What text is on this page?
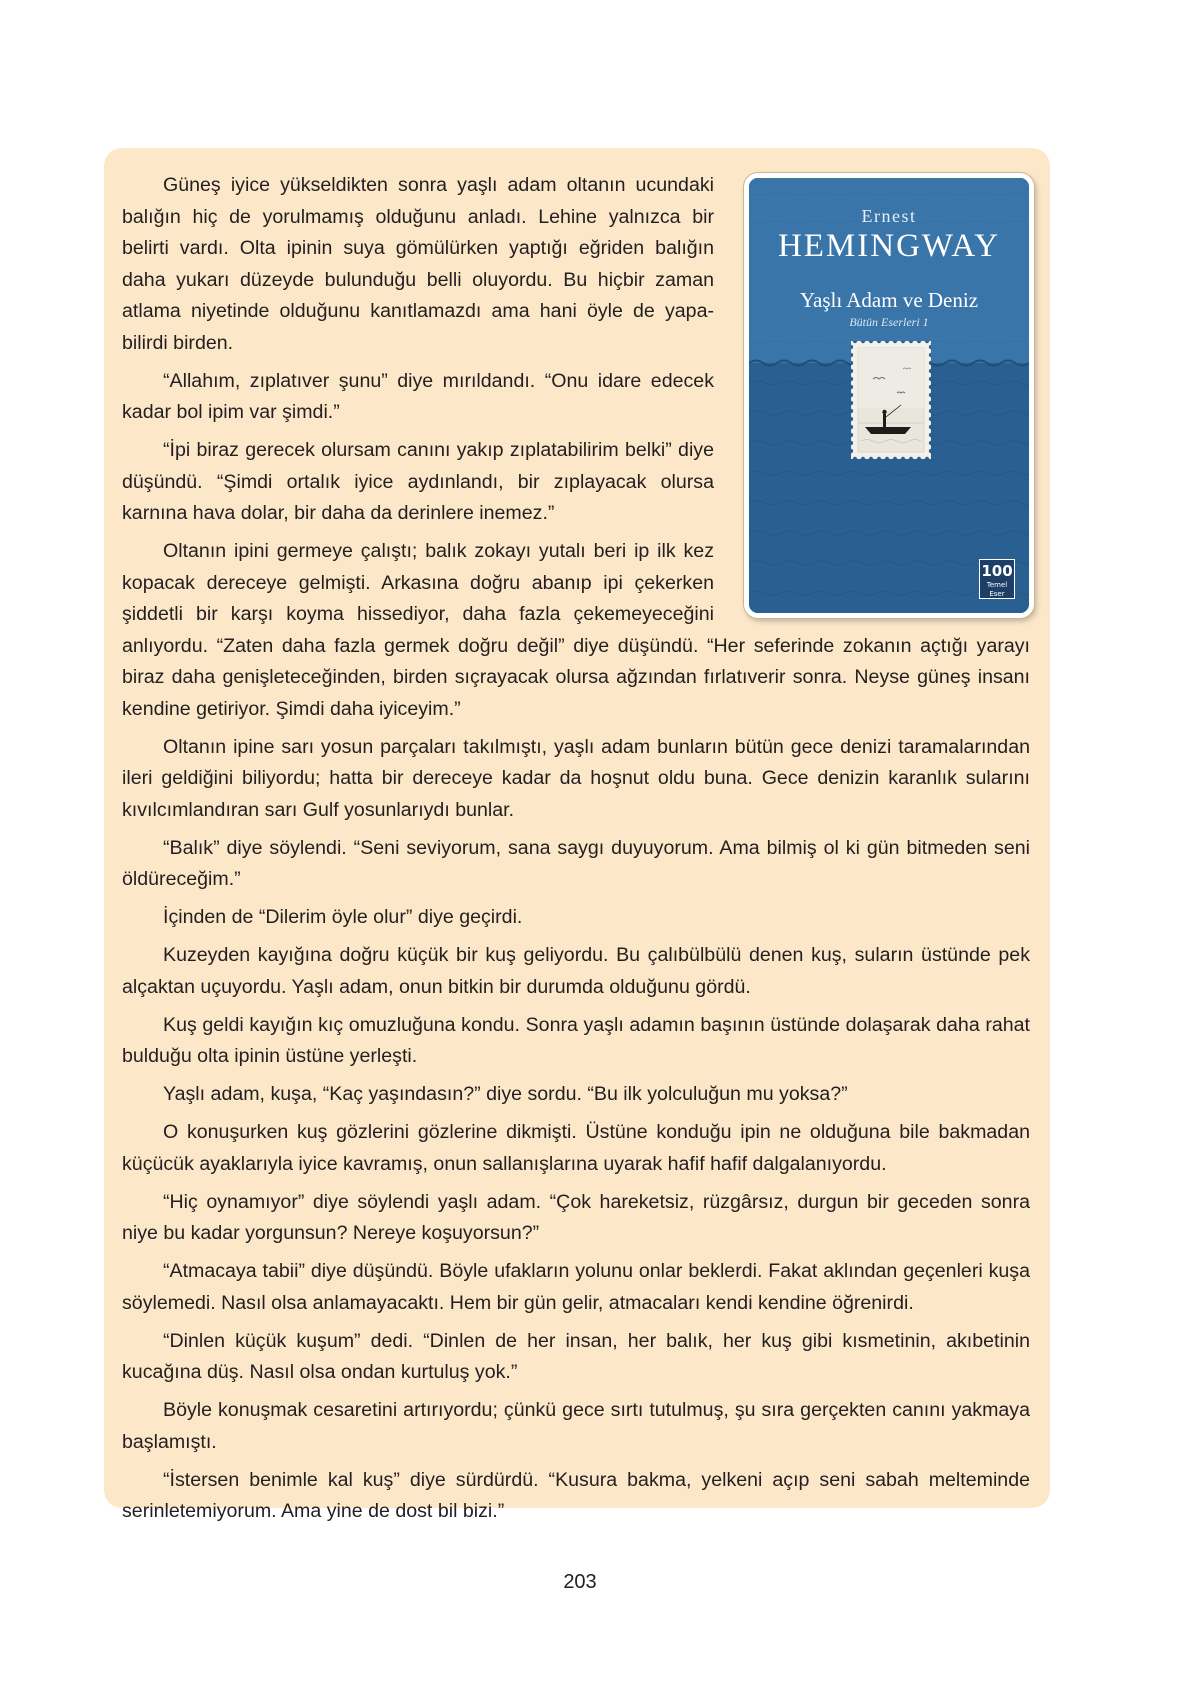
Ernest
HEMINGWAY
Yaşlı Adam ve Deniz
Bütün Eserleri 1
100
Temel Eser

Güneş iyice yükseldikten sonra yaşlı adam oltanın ucundaki balığın hiç de yorulmamış olduğunu anladı. Lehine yalnızca bir belirti vardı. Olta ipinin suya gömülürken yaptığı eğriden balığın daha yukarı düzeyde bulunduğu belli oluyordu. Bu hiçbir zaman atlama niyetinde olduğunu kanıtlamazdı ama hani öyle de yapabilirdi birden.

“Allahım, zıplatıver şunu” diye mırıldandı. “Onu idare edecek kadar bol ipim var şimdi.”

“İpi biraz gerecek olursam canını yakıp zıplatabilirim belki” diye düşündü. “Şimdi ortalık iyice aydınlandı, bir zıplayacak olursa karnına hava dolar, bir daha da derinlere inemez.”

Oltanın ipini germeye çalıştı; balık zokayı yutalı beri ip ilk kez kopacak dereceye gelmişti. Arkasına doğru abanıp ipi çekerken şiddetli bir karşı koyma hissediyor, daha fazla çekemeyeceğini anlıyordu. “Zaten daha fazla germek doğru değil” diye düşündü. “Her seferinde zokanın açtığı yarayı biraz daha genişleteceğinden, birden sıçrayacak olursa ağzından fırlatıverir sonra. Neyse güneş insanı kendine getiriyor. Şimdi daha iyiceyim.”

Oltanın ipine sarı yosun parçaları takılmıştı, yaşlı adam bunların bütün gece denizi taramalarından ileri geldiğini biliyordu; hatta bir dereceye kadar da hoşnut oldu buna. Gece denizin karanlık sularını kıvılcımlandıran sarı Gulf yosunlarıydı bunlar.

“Balık” diye söylendi. “Seni seviyorum, sana saygı duyuyorum. Ama bilmiş ol ki gün bitmeden seni öldüreceğim.”

İçinden de “Dilerim öyle olur” diye geçirdi.

Kuzeyden kayığına doğru küçük bir kuş geliyordu. Bu çalıbülbülü denen kuş, suların üstünde pek alçaktan uçuyordu. Yaşlı adam, onun bitkin bir durumda olduğunu gördü.

Kuş geldi kayığın kıç omuzluğuna kondu. Sonra yaşlı adamın başının üstünde dolaşarak daha rahat bulduğu olta ipinin üstüne yerleşti.

Yaşlı adam, kuşa, “Kaç yaşındasın?” diye sordu. “Bu ilk yolculuğun mu yoksa?”

O konuşurken kuş gözlerini gözlerine dikmişti. Üstüne konduğu ipin ne olduğuna bile bakmadan küçücük ayaklarıyla iyice kavramış, onun sallanışlarına uyarak hafif hafif dalgalanıyordu.

“Hiç oynamıyor” diye söylendi yaşlı adam. “Çok hareketsiz, rüzgârsız, durgun bir geceden sonra niye bu kadar yorgunsun? Nereye koşuyorsun?”

“Atmacaya tabii” diye düşündü. Böyle ufakların yolunu onlar beklerdi. Fakat aklından geçenleri kuşa söylemedi. Nasıl olsa anlamayacaktı. Hem bir gün gelir, atmacaları kendi kendine öğrenirdi.

“Dinlen küçük kuşum” dedi. “Dinlen de her insan, her balık, her kuş gibi kısmetinin, akıbetinin kucağına düş. Nasıl olsa ondan kurtuluş yok.”

Böyle konuşmak cesaretini artırıyordu; çünkü gece sırtı tutulmuş, şu sıra gerçekten canını yakmaya başlamıştı.

“İstersen benimle kal kuş” diye sürdürdü. “Kusura bakma, yelkeni açıp seni sabah melteminde serinletemiyorum. Ama yine de dost bil bizi.”

203
